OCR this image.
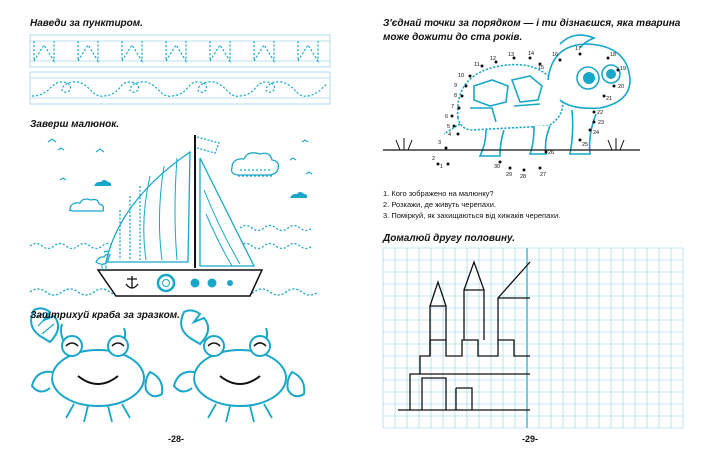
Наведи за пунктиром.
Заверш малюнок.
Заштрихуй краба за зразком.
-28-
З'єднай точки за порядком — і ти дізнаєшся, яка тварина
може дожити до ста років.
1
2
3
4
5
6
7
8
9
10
11
12
13	14
15
16
17
18
19
20
21
22
23
24
25
26
27
28
29
30
1. Кого зображено на малюнку?
2. Розкажи, де живуть черепахи.
3. Поміркуй, як захищаються від хижаків черепахи.
Домалюй другу половину.
-29-
